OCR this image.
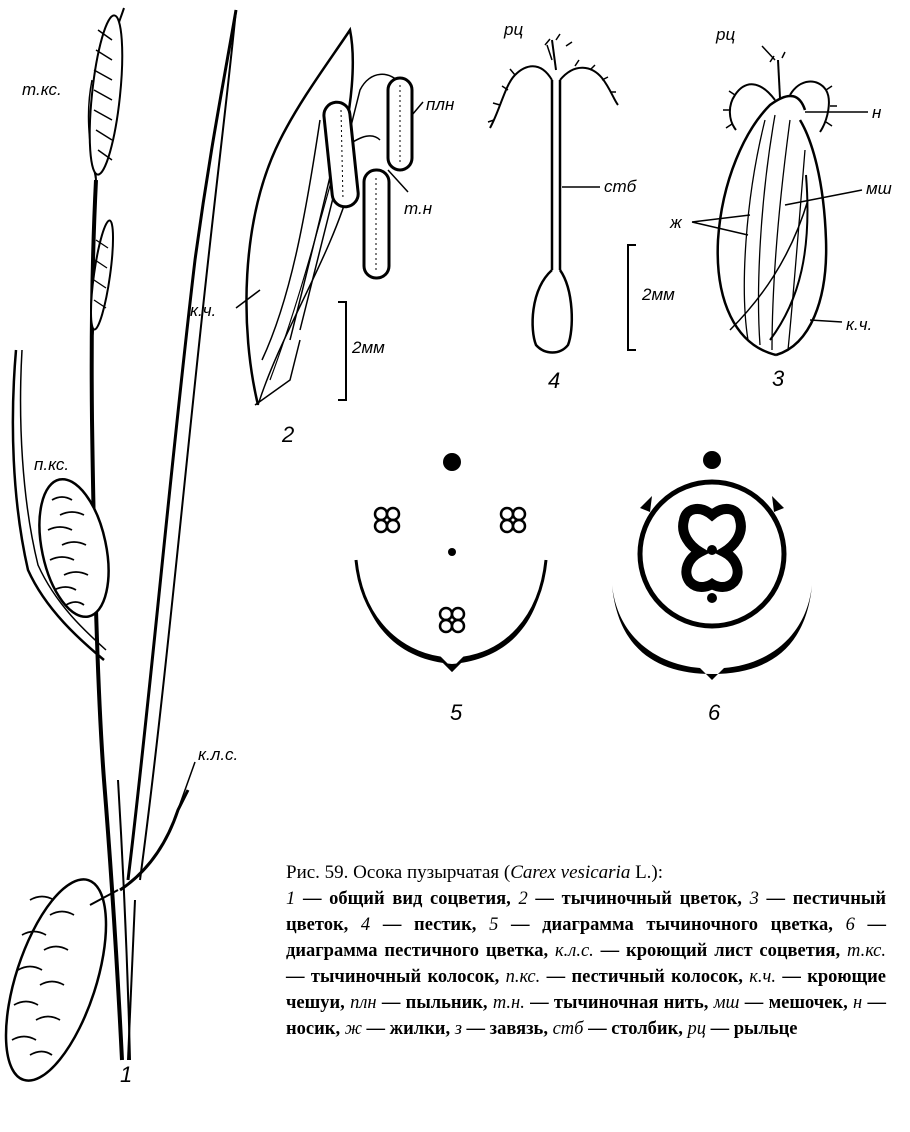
т.кс.
п.кс.
к.л.с.
плн
т.н
к.ч.
2мм
рц
стб
2мм
рц
н
мш
ж
к.ч.
1
2
3
4
5	6
Рис. 59. Осока пузырчатая (Carex vesicaria L.):
1 — общий вид соцветия, 2 — тычиночный цветок, 3 — пестичный цветок, 4 — пестик, 5 — диаграмма тычиночного цветка, 6 — диаграмма пестичного цветка, к.л.с. — кроющий лист соцветия, т.кс. — тычиночный колосок, п.кс. — пестичный колосок, к.ч. — кроющие чешуи, плн — пыльник, т.н. — тычиночная нить, мш — мешочек, н — носик, ж — жилки, з — завязь, стб — столбик, рц — рыльце
